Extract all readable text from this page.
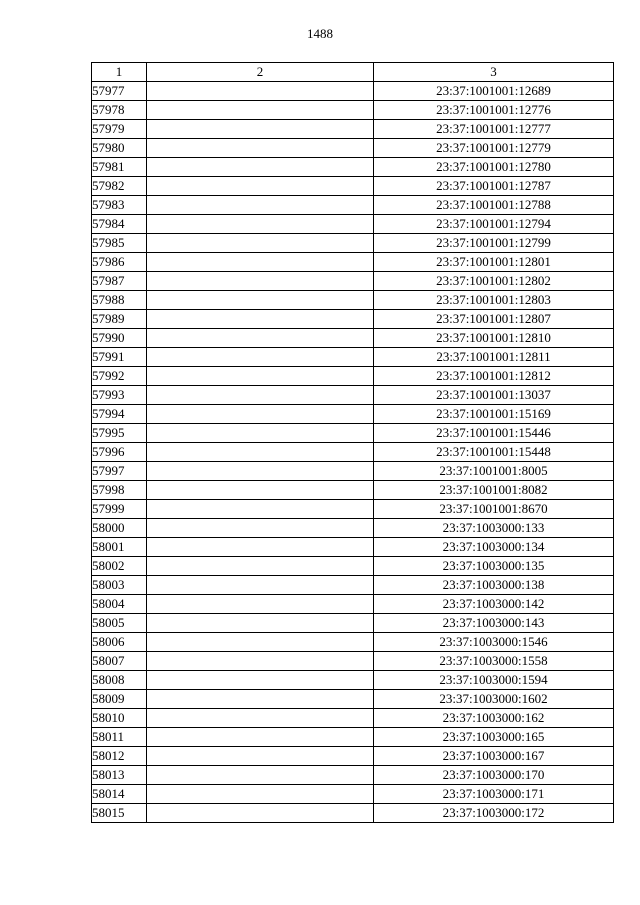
1488
1	2	3
57977		23:37:1001001:12689
57978		23:37:1001001:12776
57979		23:37:1001001:12777
57980		23:37:1001001:12779
57981		23:37:1001001:12780
57982		23:37:1001001:12787
57983		23:37:1001001:12788
57984		23:37:1001001:12794
57985		23:37:1001001:12799
57986		23:37:1001001:12801
57987		23:37:1001001:12802
57988		23:37:1001001:12803
57989		23:37:1001001:12807
57990		23:37:1001001:12810
57991		23:37:1001001:12811
57992		23:37:1001001:12812
57993		23:37:1001001:13037
57994		23:37:1001001:15169
57995		23:37:1001001:15446
57996		23:37:1001001:15448
57997		23:37:1001001:8005
57998		23:37:1001001:8082
57999		23:37:1001001:8670
58000		23:37:1003000:133
58001		23:37:1003000:134
58002		23:37:1003000:135
58003		23:37:1003000:138
58004		23:37:1003000:142
58005		23:37:1003000:143
58006		23:37:1003000:1546
58007		23:37:1003000:1558
58008		23:37:1003000:1594
58009		23:37:1003000:1602
58010		23:37:1003000:162
58011		23:37:1003000:165
58012		23:37:1003000:167
58013		23:37:1003000:170
58014		23:37:1003000:171
58015		23:37:1003000:172
